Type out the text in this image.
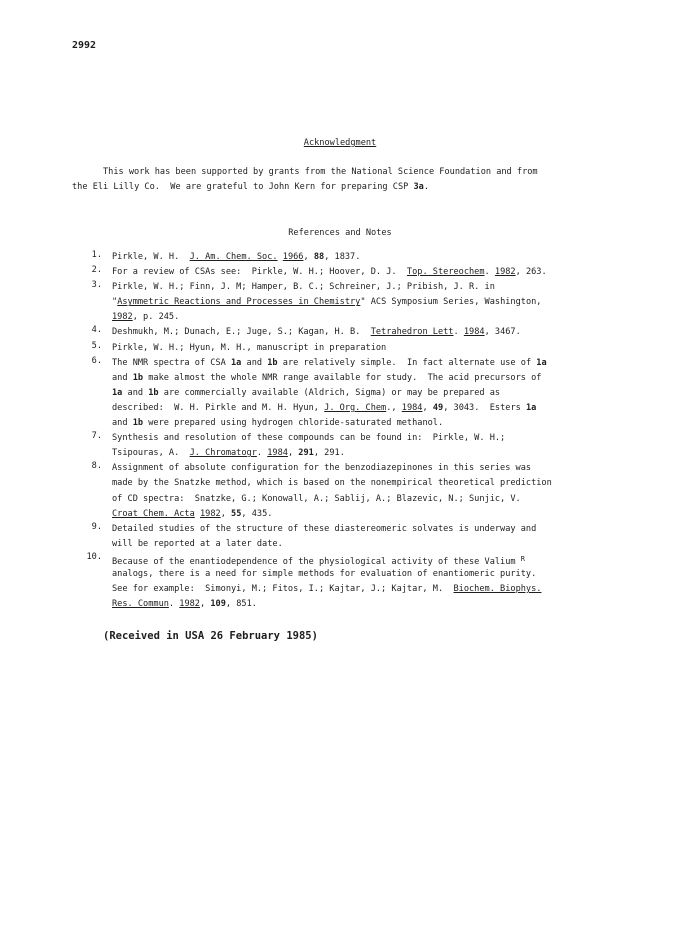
2992
Acknowledgment
This work has been supported by grants from the National Science Foundation and from
the Eli Lilly Co.  We are grateful to John Kern for preparing CSP 3a.
References and Notes
1. Pirkle, W. H.  J. Am. Chem. Soc. 1966, 88, 1837.
2. For a review of CSAs see:  Pirkle, W. H.; Hoover, D. J.  Top. Stereochem. 1982, 263.
3. Pirkle, W. H.; Finn, J. M; Hamper, B. C.; Schreiner, J.; Pribish, J. R. in
"Asymmetric Reactions and Processes in Chemistry" ACS Symposium Series, Washington,
1982, p. 245.
4. Deshmukh, M.; Dunach, E.; Juge, S.; Kagan, H. B.  Tetrahedron Lett. 1984, 3467.
5. Pirkle, W. H.; Hyun, M. H., manuscript in preparation
6. The NMR spectra of CSA 1a and 1b are relatively simple.  In fact alternate use of 1a
and 1b make almost the whole NMR range available for study.  The acid precursors of
1a and 1b are commercially available (Aldrich, Sigma) or may be prepared as
described:  W. H. Pirkle and M. H. Hyun, J. Org. Chem., 1984, 49, 3043.  Esters 1a
and 1b were prepared using hydrogen chloride-saturated methanol.
7. Synthesis and resolution of these compounds can be found in:  Pirkle, W. H.;
Tsipouras, A.  J. Chromatogr. 1984, 291, 291.
8. Assignment of absolute configuration for the benzodiazepinones in this series was
made by the Snatzke method, which is based on the nonempirical theoretical prediction
of CD spectra:  Snatzke, G.; Konowall, A.; Sablij, A.; Blazevic, N.; Sunjic, V.
Croat Chem. Acta 1982, 55, 435.
9. Detailed studies of the structure of these diastereomeric solvates is underway and
will be reported at a later date.
10. Because of the enantiodependence of the physiological activity of these Valium $^R$
analogs, there is a need for simple methods for evaluation of enantiomeric purity.
See for example:  Simonyi, M.; Fitos, I.; Kajtar, J.; Kajtar, M.  Biochem. Biophys.
Res. Commun. 1982, 109, 851.
(Received in USA 26 February 1985)
